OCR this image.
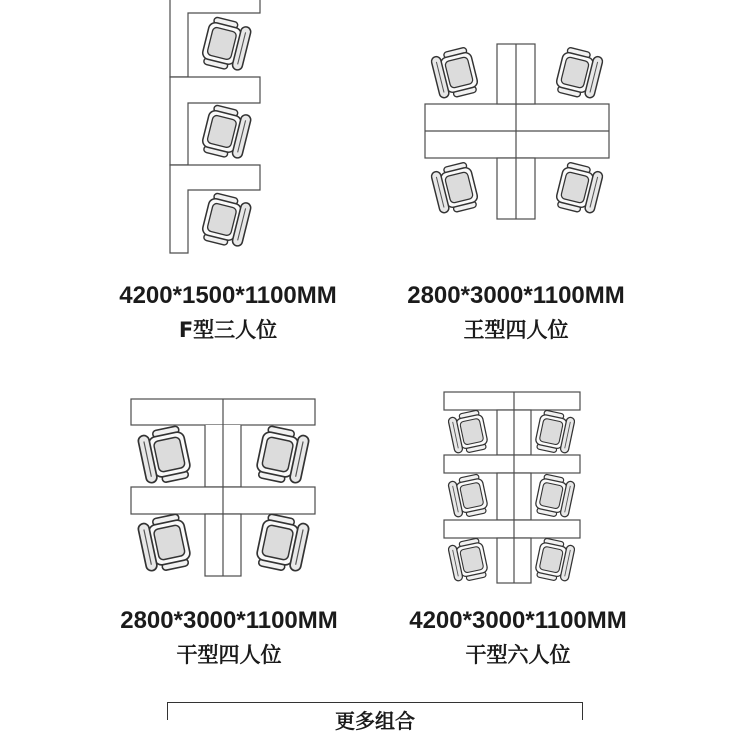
4200*1500*1100MM
F型三人位
2800*3000*1100MM
王型四人位
2800*3000*1100MM
干型四人位
4200*3000*1100MM
干型六人位
更多组合
